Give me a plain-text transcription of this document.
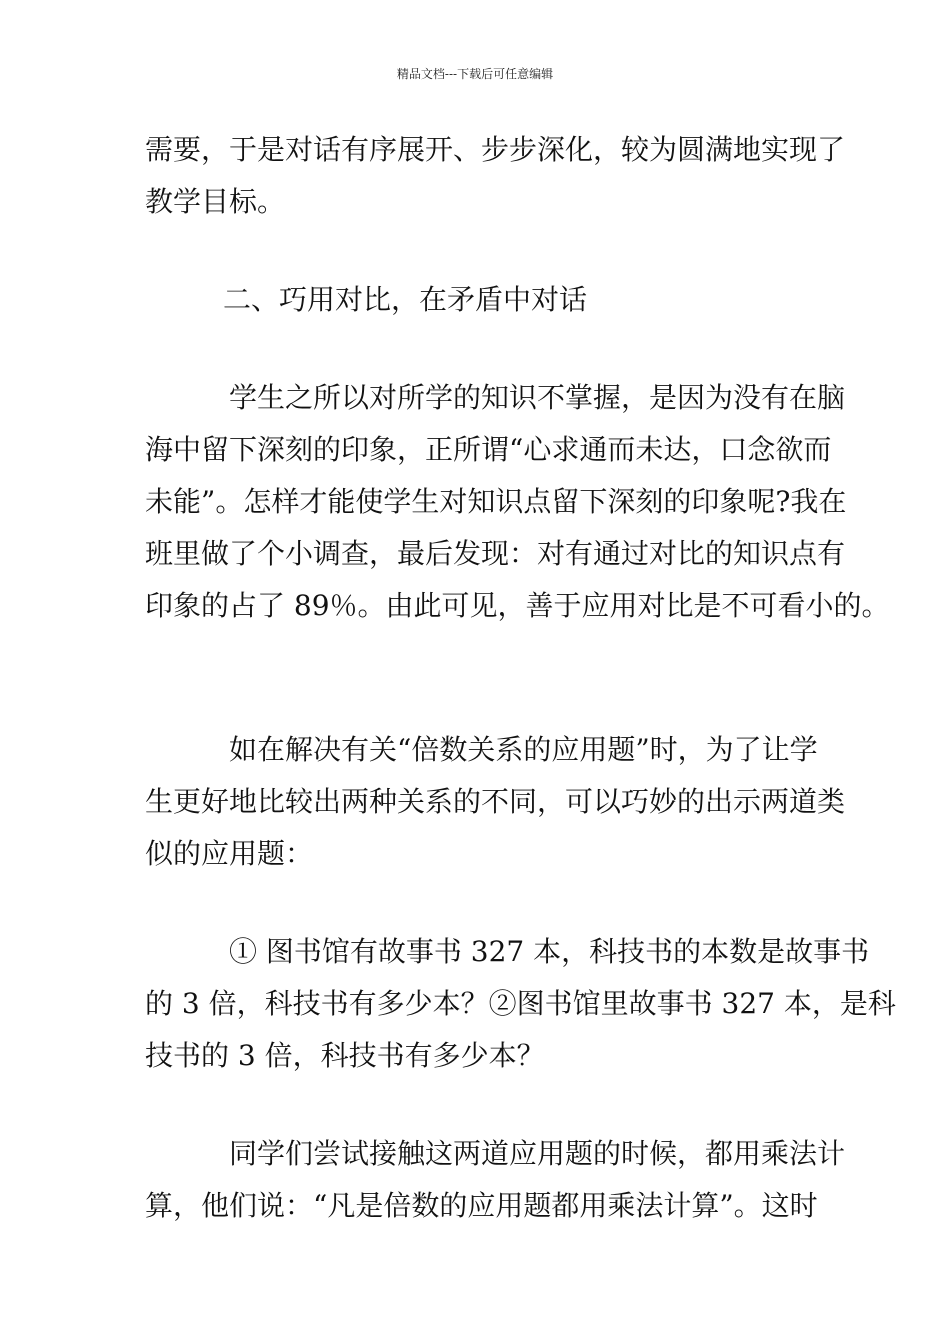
精品文档---下载后可任意编辑

需要，于是对话有序展开、步步深化，较为圆满地实现了
教学目标。

二、巧用对比，在矛盾中对话

学生之所以对所学的知识不掌握，是因为没有在脑
海中留下深刻的印象，正所谓“心求通而未达，口念欲而
未能”。怎样才能使学生对知识点留下深刻的印象呢?我在
班里做了个小调查，最后发现：对有通过对比的知识点有
印象的占了 89％。由此可见，善于应用对比是不可看小的。

如在解决有关“倍数关系的应用题”时，为了让学
生更好地比较出两种关系的不同，可以巧妙的出示两道类
似的应用题：

① 图书馆有故事书 327 本，科技书的本数是故事书
的 3 倍，科技书有多少本？②图书馆里故事书 327 本，是科
技书的 3 倍，科技书有多少本？

同学们尝试接触这两道应用题的时候，都用乘法计
算，他们说：“凡是倍数的应用题都用乘法计算”。这时
